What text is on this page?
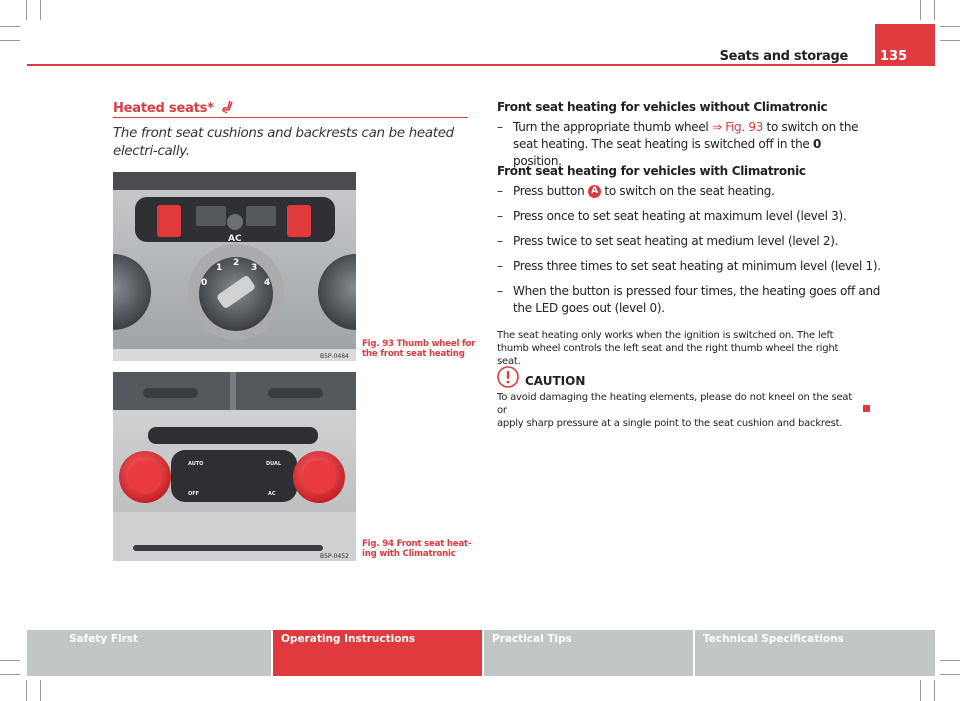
Seats and storage 135
Heated seats*
The front seat cushions and backrests can be heated electri-cally.
AC
0
1 2 3
4
B5P-0484
Fig. 93 Thumb wheel for
the front seat heating
AUTO	DUAL
OFF	AC
B5P-0452
Fig. 94 Front seat heat-
ing with Climatronic
Front seat heating for vehicles without Climatronic
– Turn the appropriate thumb wheel ⇒ Fig. 93 to switch on the
seat heating. The seat heating is switched off in the 0 position.
Front seat heating for vehicles with Climatronic
– Press button A to switch on the seat heating.
– Press once to set seat heating at maximum level (level 3).
– Press twice to set seat heating at medium level (level 2).
– Press three times to set seat heating at minimum level (level 1).
– When the button is pressed four times, the heating goes off and
the LED goes out (level 0).
The seat heating only works when the ignition is switched on. The left
thumb wheel controls the left seat and the right thumb wheel the right seat.
CAUTION
To avoid damaging the heating elements, please do not kneel on the seat or
apply sharp pressure at a single point to the seat cushion and backrest.
Safety First	Operating Instructions	Practical Tips	Technical Specifications
